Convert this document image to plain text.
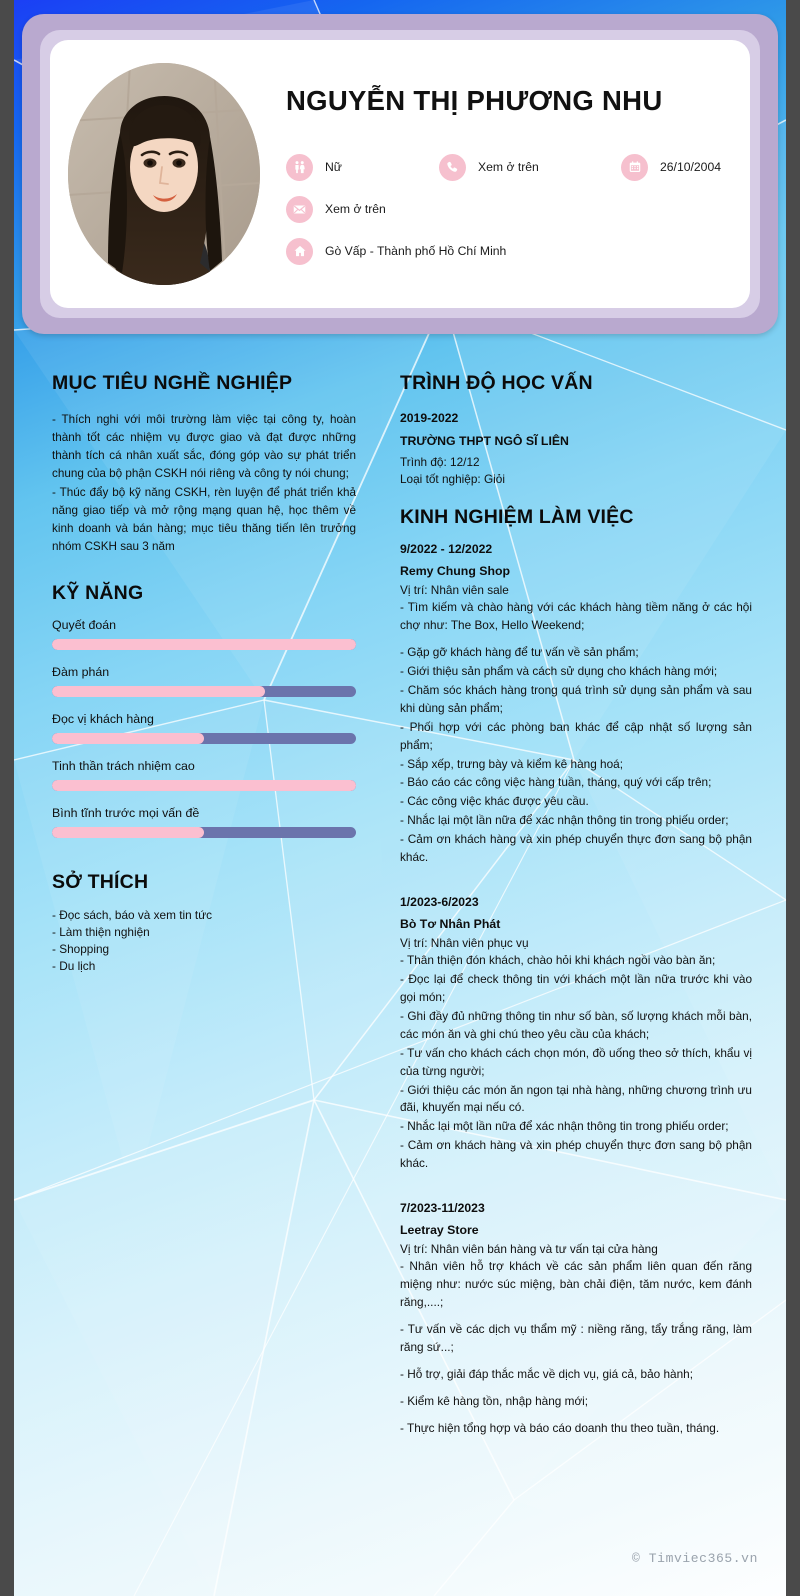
NGUYỄN THỊ PHƯƠNG NHU
Nữ	Xem ở trên	26/10/2004
Xem ở trên
Gò Vấp - Thành phố Hồ Chí Minh
MỤC TIÊU NGHỀ NGHIỆP
- Thích nghi với môi trường làm việc tại công ty, hoàn thành tốt các nhiệm vụ được giao và đạt được những thành tích cá nhân xuất sắc, đóng góp vào sự phát triển chung của bộ phận CSKH nói riêng và công ty nói chung;
- Thúc đẩy bộ kỹ năng CSKH, rèn luyện để phát triển khả năng giao tiếp và mở rộng mạng quan hệ, học thêm về kinh doanh và bán hàng; mục tiêu thăng tiến lên trưởng nhóm CSKH sau 3 năm
KỸ NĂNG
Quyết đoán
Đàm phán
Đọc vị khách hàng
Tinh thần trách nhiệm cao
Bình tĩnh trước mọi vấn đề
SỞ THÍCH
- Đọc sách, báo và xem tin tức
- Làm thiện nghiện
- Shopping
- Du lịch
TRÌNH ĐỘ HỌC VẤN
2019-2022
TRƯỜNG THPT NGÔ SĨ LIÊN
Trình độ: 12/12
Loại tốt nghiệp: Giỏi
KINH NGHIỆM LÀM VIỆC
9/2022 - 12/2022
Remy Chung Shop
Vị trí: Nhân viên sale
- Tìm kiếm và chào hàng với các khách hàng tiềm năng ở các hội chợ như: The Box, Hello Weekend;
- Gặp gỡ khách hàng để tư vấn về sản phẩm;
- Giới thiệu sản phẩm và cách sử dụng cho khách hàng mới;
- Chăm sóc khách hàng trong quá trình sử dụng sản phẩm và sau khi dùng sản phẩm;
- Phối hợp với các phòng ban khác để cập nhật số lượng sản phẩm;
- Sắp xếp, trưng bày và kiểm kê hàng hoá;
- Báo cáo các công việc hàng tuần, tháng, quý với cấp trên;
- Các công việc khác được yêu cầu.
- Nhắc lại một lần nữa để xác nhận thông tin trong phiếu order;
- Cảm ơn khách hàng và xin phép chuyển thực đơn sang bộ phận khác.
1/2023-6/2023
Bò Tơ Nhân Phát
Vị trí: Nhân viên phục vụ
- Thân thiện đón khách, chào hỏi khi khách ngồi vào bàn ăn;
- Đọc lại để check thông tin với khách một lần nữa trước khi vào gọi món;
- Ghi đầy đủ những thông tin như số bàn, số lượng khách mỗi bàn, các món ăn và ghi chú theo yêu cầu của khách;
- Tư vấn cho khách cách chọn món, đồ uống theo sở thích, khẩu vị của từng người;
- Giới thiệu các món ăn ngon tại nhà hàng, những chương trình ưu đãi, khuyến mại nếu có.
- Nhắc lại một lần nữa để xác nhận thông tin trong phiếu order;
- Cảm ơn khách hàng và xin phép chuyển thực đơn sang bộ phận khác.
7/2023-11/2023
Leetray Store
Vị trí: Nhân viên bán hàng và tư vấn tại cửa hàng
- Nhân viên hỗ trợ khách về các sản phẩm liên quan đến răng miệng như: nước súc miệng, bàn chải điện, tăm nước, kem đánh răng,....;
- Tư vấn về các dịch vụ thẩm mỹ : niềng răng, tẩy trắng răng, làm răng sứ...;
- Hỗ trợ, giải đáp thắc mắc về dịch vụ, giá cả, bảo hành;
- Kiểm kê hàng tồn, nhập hàng mới;
- Thực hiện tổng hợp và báo cáo doanh thu theo tuần, tháng.
© Timviec365.vn
